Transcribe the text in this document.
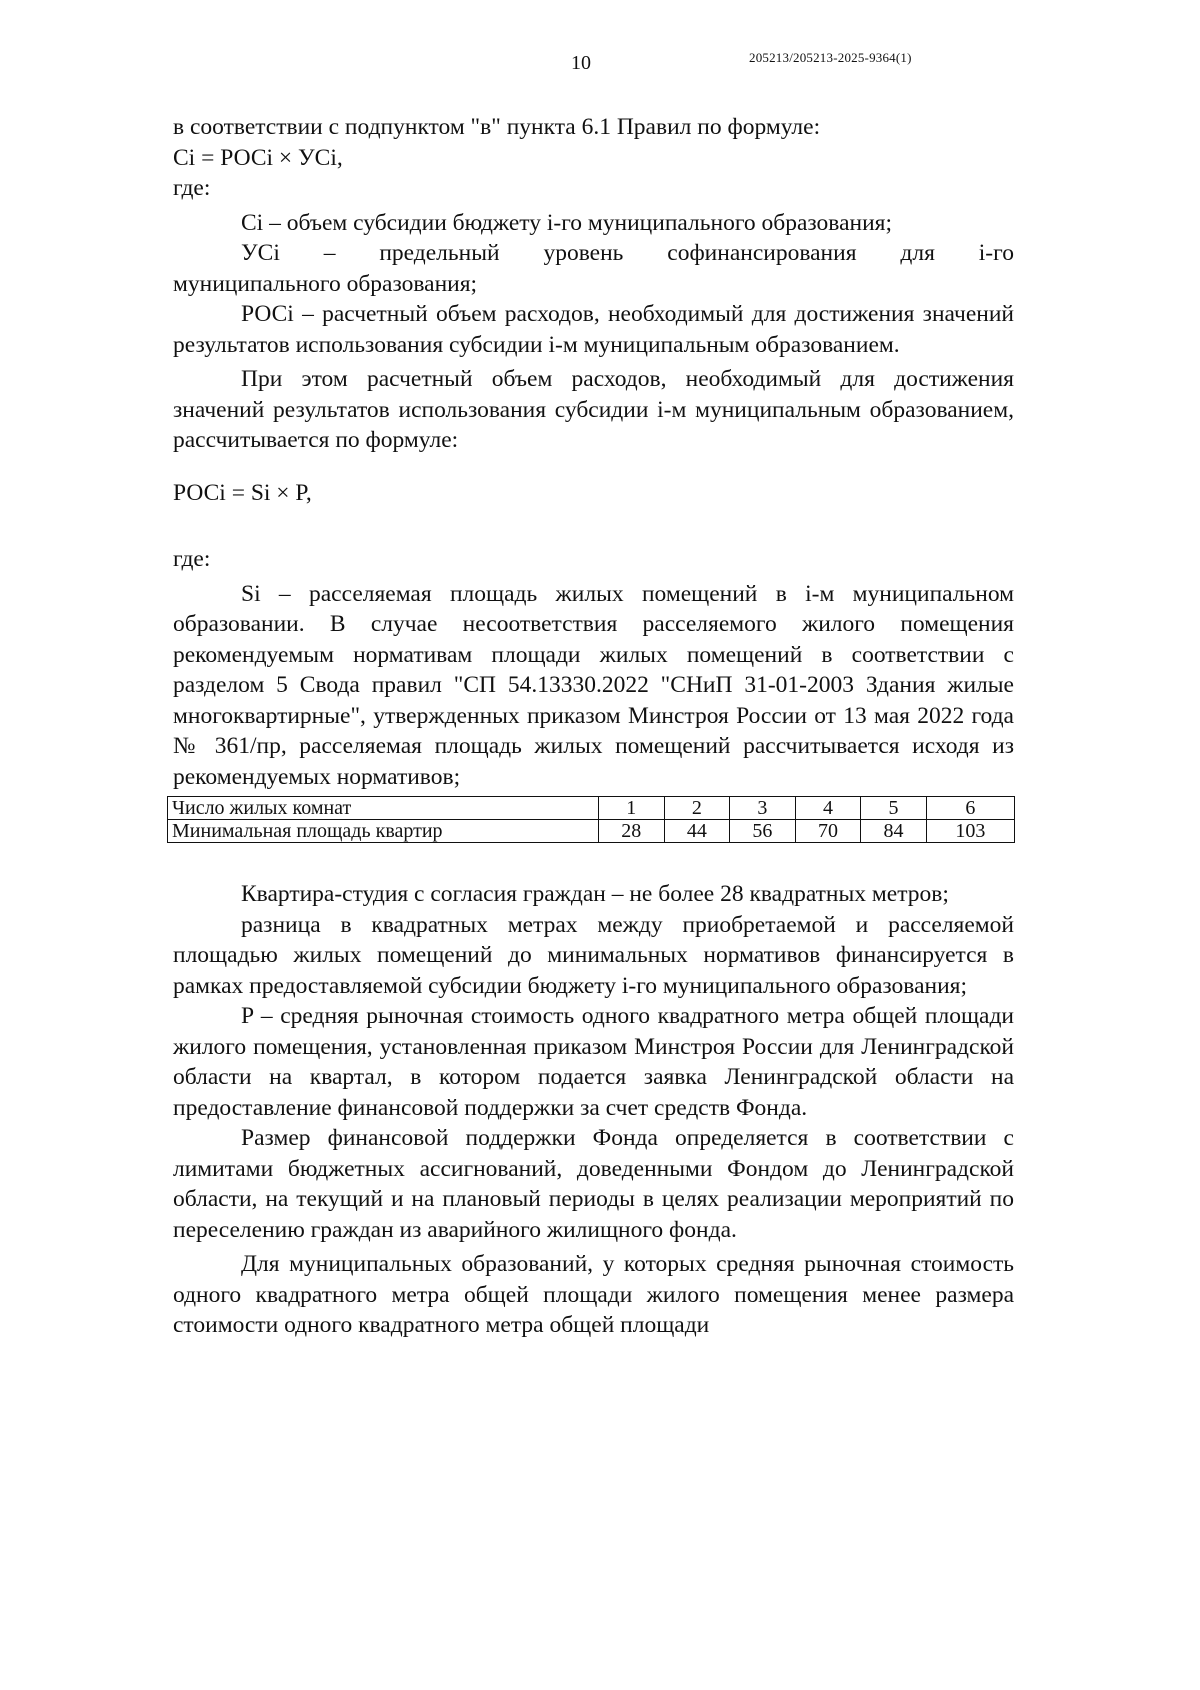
10	205213/205213-2025-9364(1)

в соответствии с подпунктом "в" пункта 6.1 Правил по формуле:

Ci = РОСi × УСi,

где:

Ci – объем субсидии бюджету i-го муниципального образования;

УСi – предельный уровень софинансирования для i-го

муниципального образования;

РОСi – расчетный объем расходов, необходимый для достижения значений результатов использования субсидии i-м муниципальным образованием.

При этом расчетный объем расходов, необходимый для достижения значений результатов использования субсидии i-м муниципальным образованием, рассчитывается по формуле:

РОСi = Si × P,

где:

Si – расселяемая площадь жилых помещений в i-м муниципальном образовании. В случае несоответствия расселяемого жилого помещения рекомендуемым нормативам площади жилых помещений в соответствии с разделом 5 Свода правил "СП 54.13330.2022 "СНиП 31-01-2003 Здания жилые многоквартирные", утвержденных приказом Минстроя России от 13 мая 2022 года № 361/пр, расселяемая площадь жилых помещений рассчитывается исходя из рекомендуемых нормативов;

Число жилых комнат	1	2	3	4	5	6
Минимальная площадь квартир	28	44	56	70	84	103

Квартира-студия с согласия граждан – не более 28 квадратных метров;

разница в квадратных метрах между приобретаемой и расселяемой площадью жилых помещений до минимальных нормативов финансируется в рамках предоставляемой субсидии бюджету i-го муниципального образования;

P – средняя рыночная стоимость одного квадратного метра общей площади жилого помещения, установленная приказом Минстроя России для Ленинградской области на квартал, в котором подается заявка Ленинградской области на предоставление финансовой поддержки за счет средств Фонда.

Размер финансовой поддержки Фонда определяется в соответствии с лимитами бюджетных ассигнований, доведенными Фондом до Ленинградской области, на текущий и на плановый периоды в целях реализации мероприятий по переселению граждан из аварийного жилищного фонда.

Для муниципальных образований, у которых средняя рыночная стоимость одного квадратного метра общей площади жилого помещения менее размера стоимости одного квадратного метра общей площади
